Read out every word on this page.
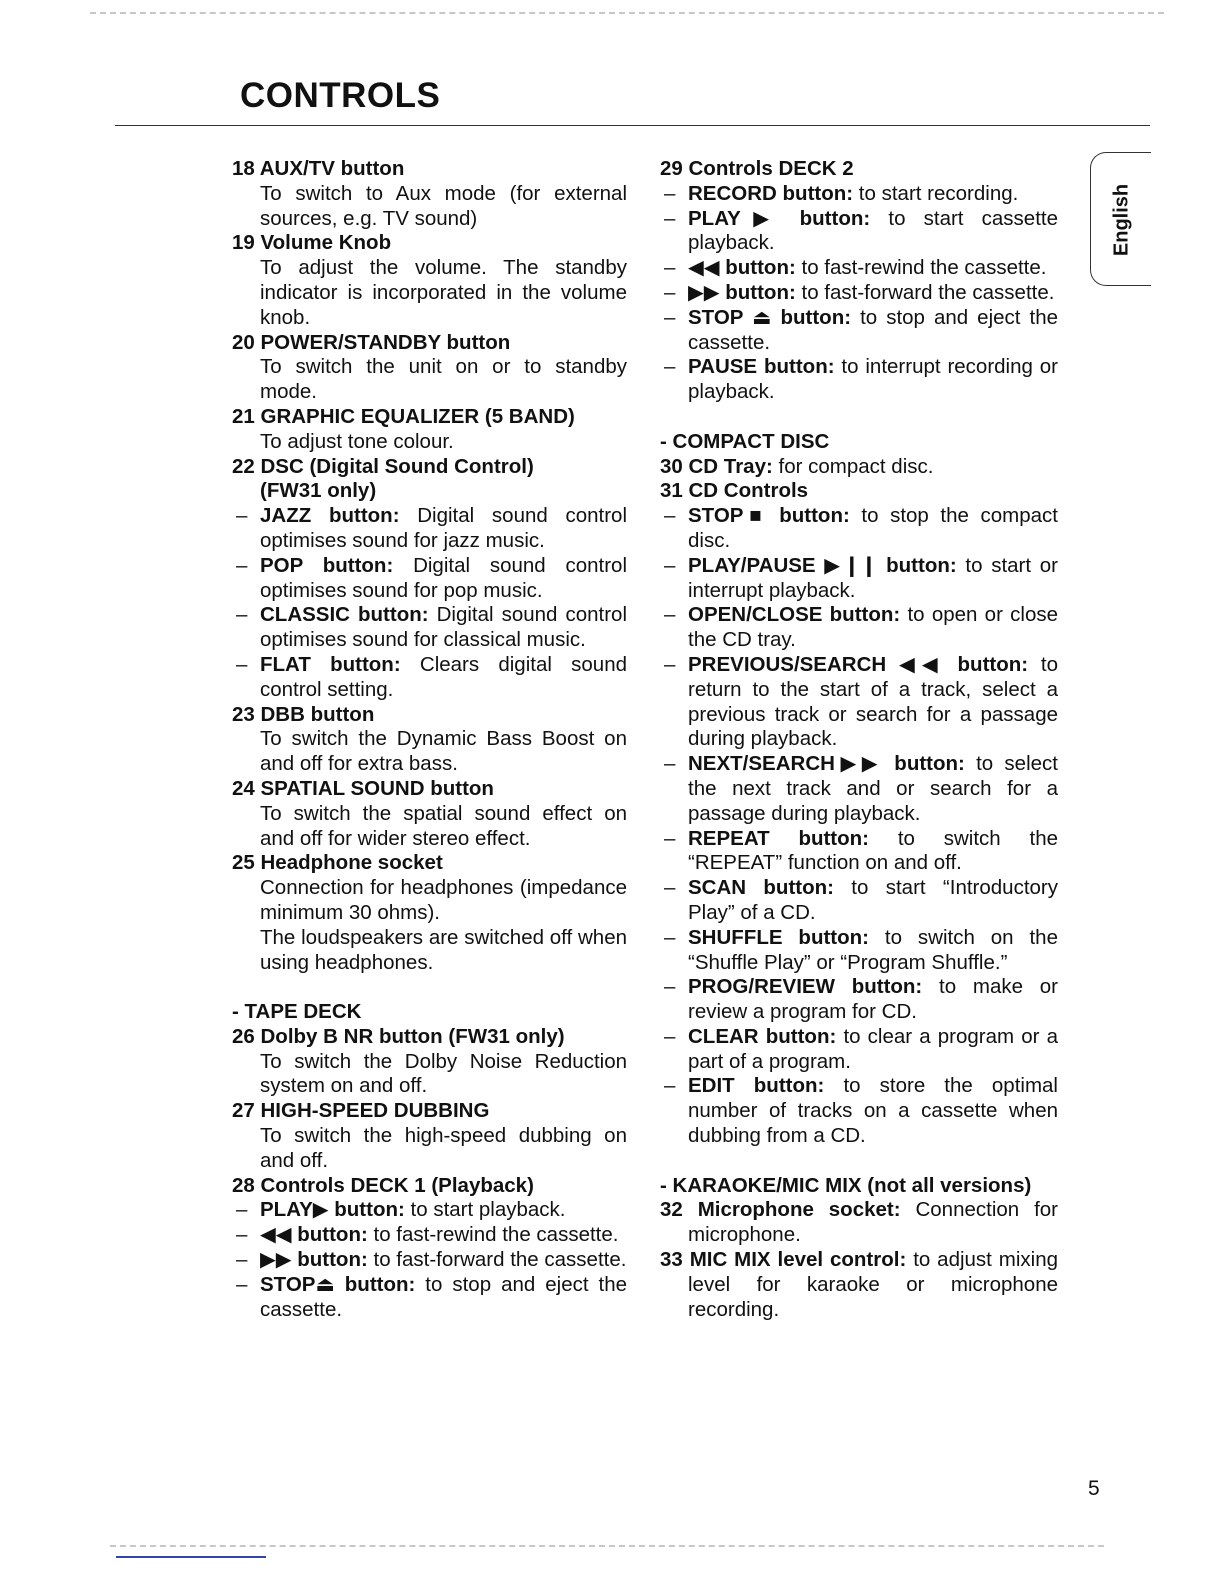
CONTROLS
English
18 AUX/TV button
To switch to Aux mode (for external sources, e.g. TV sound)
19 Volume Knob
To adjust the volume. The standby indicator is incorporated in the volume knob.
20 POWER/STANDBY button
To switch the unit on or to standby mode.
21 GRAPHIC EQUALIZER (5 BAND)
To adjust tone colour.
22 DSC (Digital Sound Control)
(FW31 only)
– JAZZ button: Digital sound control optimises sound for jazz music.
– POP button: Digital sound control optimises sound for pop music.
– CLASSIC button: Digital sound control optimises sound for classical music.
– FLAT button: Clears digital sound control setting.
23 DBB button
To switch the Dynamic Bass Boost on and off for extra bass.
24 SPATIAL SOUND button
To switch the spatial sound effect on and off for wider stereo effect.
25 Headphone socket
Connection for headphones (impedance minimum 30 ohms).
The loudspeakers are switched off when using headphones.
- TAPE DECK
26 Dolby B NR button (FW31 only)
To switch the Dolby Noise Reduction system on and off.
27 HIGH-SPEED DUBBING
To switch the high-speed dubbing on and off.
28 Controls DECK 1 (Playback)
– PLAY▶ button: to start playback.
– ◀◀ button: to fast-rewind the cassette.
– ▶▶ button: to fast-forward the cassette.
– STOP⏏ button: to stop and eject the cassette.
29 Controls DECK 2
– RECORD button: to start recording.
– PLAY▶ button: to start cassette playback.
– ◀◀ button: to fast-rewind the cassette.
– ▶▶ button: to fast-forward the cassette.
– STOP ⏏ button: to stop and eject the cassette.
– PAUSE button: to interrupt recording or playback.
- COMPACT DISC
30 CD Tray: for compact disc.
31 CD Controls
– STOP■ button: to stop the compact disc.
– PLAY/PAUSE ▶❙❙ button: to start or interrupt playback.
– OPEN/CLOSE button: to open or close the CD tray.
– PREVIOUS/SEARCH ◀◀ button: to return to the start of a track, select a previous track or search for a passage during playback.
– NEXT/SEARCH▶▶ button: to select the next track and or search for a passage during playback.
– REPEAT button: to switch the “REPEAT” function on and off.
– SCAN button: to start “Introductory Play” of a CD.
– SHUFFLE button: to switch on the “Shuffle Play” or “Program Shuffle.”
– PROG/REVIEW button: to make or review a program for CD.
– CLEAR button: to clear a program or a part of a program.
– EDIT button: to store the optimal number of tracks on a cassette when dubbing from a CD.
- KARAOKE/MIC MIX (not all versions)
32 Microphone socket: Connection for microphone.
33 MIC MIX level control: to adjust mixing level for karaoke or microphone recording.
5
